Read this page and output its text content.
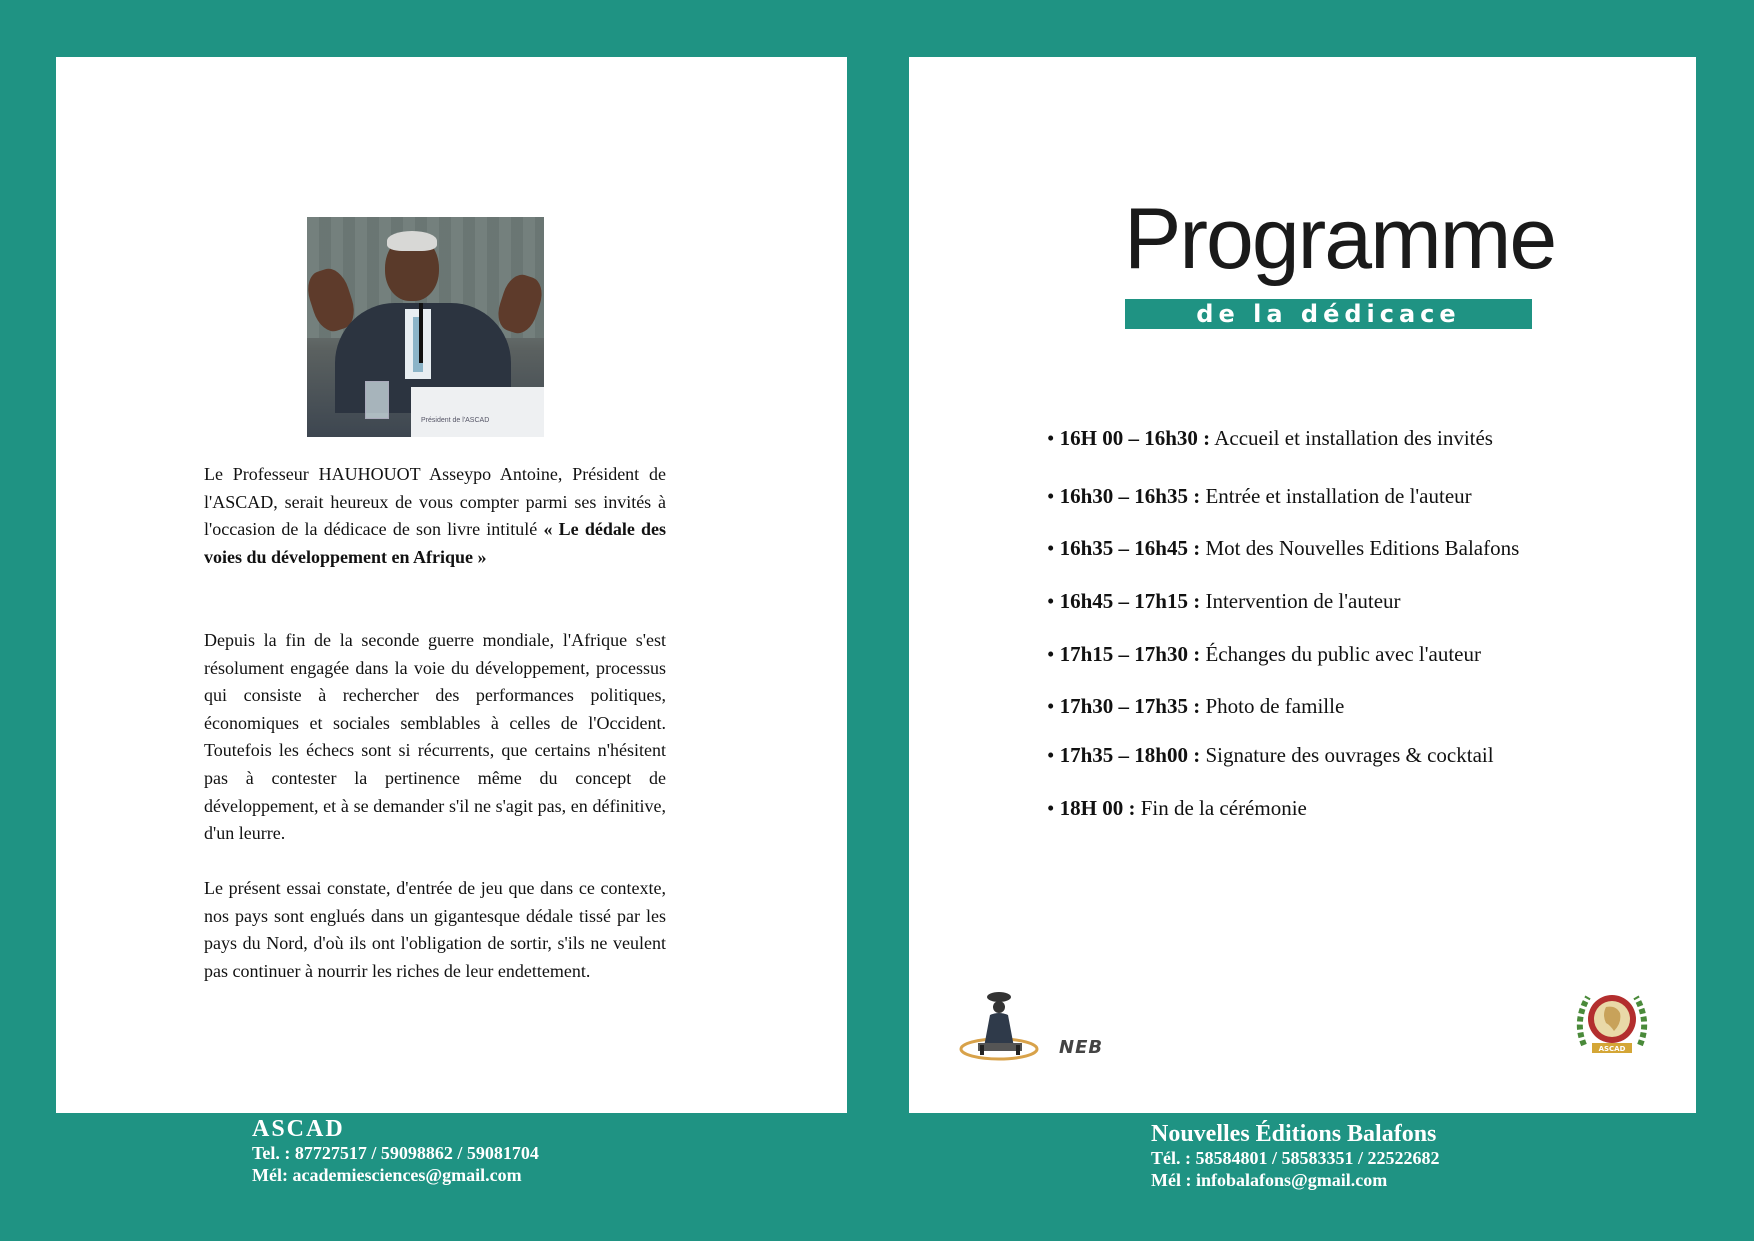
Président de l'ASCAD

Le Professeur HAUHOUOT Asseypo Antoine, Président de l'ASCAD, serait heureux de vous compter parmi ses invités à l'occasion de la dédicace de son livre intitulé « Le dédale des voies du développement en Afrique »

Depuis la fin de la seconde guerre mondiale, l'Afrique s'est résolument engagée dans la voie du développement, processus qui consiste à rechercher des performances politiques, économiques et sociales semblables à celles de l'Occident. Toutefois les échecs sont si récurrents, que certains n'hésitent pas à contester la pertinence même du concept de développement, et à se demander s'il ne s'agit pas, en définitive, d'un leurre.

Le présent essai constate, d'entrée de jeu que dans ce contexte, nos pays sont englués dans un gigantesque dédale tissé par les pays du Nord, d'où ils ont l'obligation de sortir, s'ils ne veulent pas continuer à nourrir les riches de leur endettement.

Programme
de la dédicace
• 16H 00 – 16h30 : Accueil et installation des invités
• 16h30 – 16h35 : Entrée et installation de l'auteur
• 16h35 – 16h45 : Mot des Nouvelles Editions Balafons
• 16h45 – 17h15 : Intervention de l'auteur
• 17h15 – 17h30 : Échanges du public avec l'auteur
• 17h30 – 17h35 : Photo de famille
• 17h35 – 18h00 : Signature des ouvrages & cocktail
• 18H 00 : Fin de la cérémonie
NEB	ASCAD
ASCAD
Tel. : 87727517 / 59098862 / 59081704
Mél: academiesciences@gmail.com
Nouvelles Éditions Balafons
Tél. : 58584801 / 58583351 / 22522682
Mél : infobalafons@gmail.com
